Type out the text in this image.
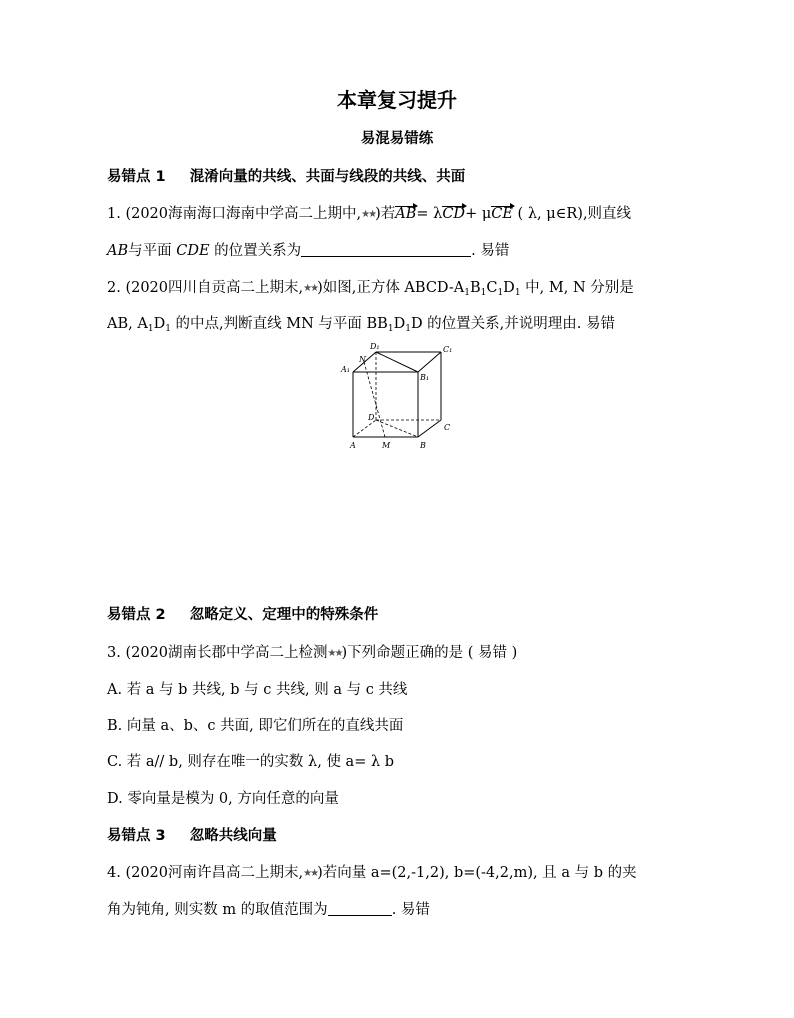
本章复习提升
易混易错练
易错点 1 混淆向量的共线、共面与线段的共线、共面
1. (2020海南海口海南中学高二上期中,★★)若AB= λCD+ μCE ( λ, μ∈R),则直线
AB与平面 CDE 的位置关系为	. 易错
2. (2020四川自贡高二上期末,★★)如图,正方体 ABCD-$A_1B_1C_1D_1$ 中, M, N 分别是
AB, $A_1D_1$ 的中点,判断直线 MN 与平面 $BB_1D_1D$ 的位置关系,并说明理由. 易错
A₁
B₁
C₁
D₁
N
D
A	M	B
C
易错点 2 忽略定义、定理中的特殊条件
3. (2020湖南长郡中学高二上检测★★)下列命题正确的是 ( 易错 )
A. 若 a 与 b 共线, b 与 c 共线, 则 a 与 c 共线
B. 向量 a、b、c 共面, 即它们所在的直线共面
C. 若 a// b, 则存在唯一的实数 λ, 使 a= λ b
D. 零向量是模为 0, 方向任意的向量
易错点 3 忽略共线向量
4. (2020河南许昌高二上期末,★★)若向量 a=(2,-1,2), b=(-4,2,m), 且 a 与 b 的夹
角为钝角, 则实数 m 的取值范围为	. 易错
